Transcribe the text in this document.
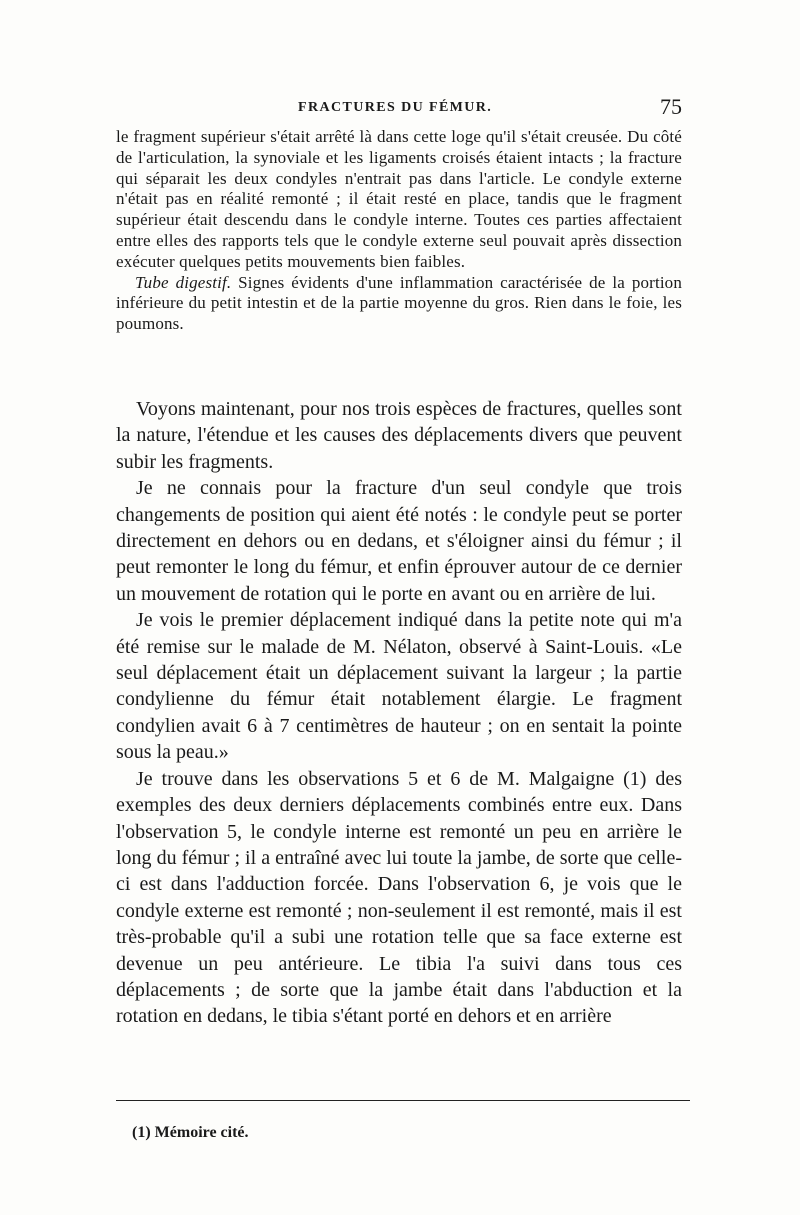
FRACTURES DU FÉMUR.	75

le fragment supérieur s'était arrêté là dans cette loge qu'il s'était creusée. Du côté de l'articulation, la synoviale et les ligaments croisés étaient intacts ; la fracture qui séparait les deux condyles n'entrait pas dans l'article. Le condyle externe n'était pas en réalité remonté ; il était resté en place, tandis que le fragment supérieur était descendu dans le condyle interne. Toutes ces parties affectaient entre elles des rapports tels que le condyle externe seul pouvait après dissection exécuter quelques petits mouvements bien faibles.

Tube digestif. Signes évidents d'une inflammation caractérisée de la portion inférieure du petit intestin et de la partie moyenne du gros. Rien dans le foie, les poumons.

Voyons maintenant, pour nos trois espèces de fractures, quelles sont la nature, l'étendue et les causes des déplacements divers que peuvent subir les fragments.

Je ne connais pour la fracture d'un seul condyle que trois changements de position qui aient été notés : le condyle peut se porter directement en dehors ou en dedans, et s'éloigner ainsi du fémur ; il peut remonter le long du fémur, et enfin éprouver autour de ce dernier un mouvement de rotation qui le porte en avant ou en arrière de lui.

Je vois le premier déplacement indiqué dans la petite note qui m'a été remise sur le malade de M. Nélaton, observé à Saint-Louis. «Le seul déplacement était un déplacement suivant la largeur ; la partie condylienne du fémur était notablement élargie. Le fragment condylien avait 6 à 7 centimètres de hauteur ; on en sentait la pointe sous la peau.»

Je trouve dans les observations 5 et 6 de M. Malgaigne (1) des exemples des deux derniers déplacements combinés entre eux. Dans l'observation 5, le condyle interne est remonté un peu en arrière le long du fémur ; il a entraîné avec lui toute la jambe, de sorte que celle-ci est dans l'adduction forcée. Dans l'observation 6, je vois que le condyle externe est remonté ; non-seulement il est remonté, mais il est très-probable qu'il a subi une rotation telle que sa face externe est devenue un peu antérieure. Le tibia l'a suivi dans tous ces déplacements ; de sorte que la jambe était dans l'abduction et la rotation en dedans, le tibia s'étant porté en dehors et en arrière

(1) Mémoire cité.
